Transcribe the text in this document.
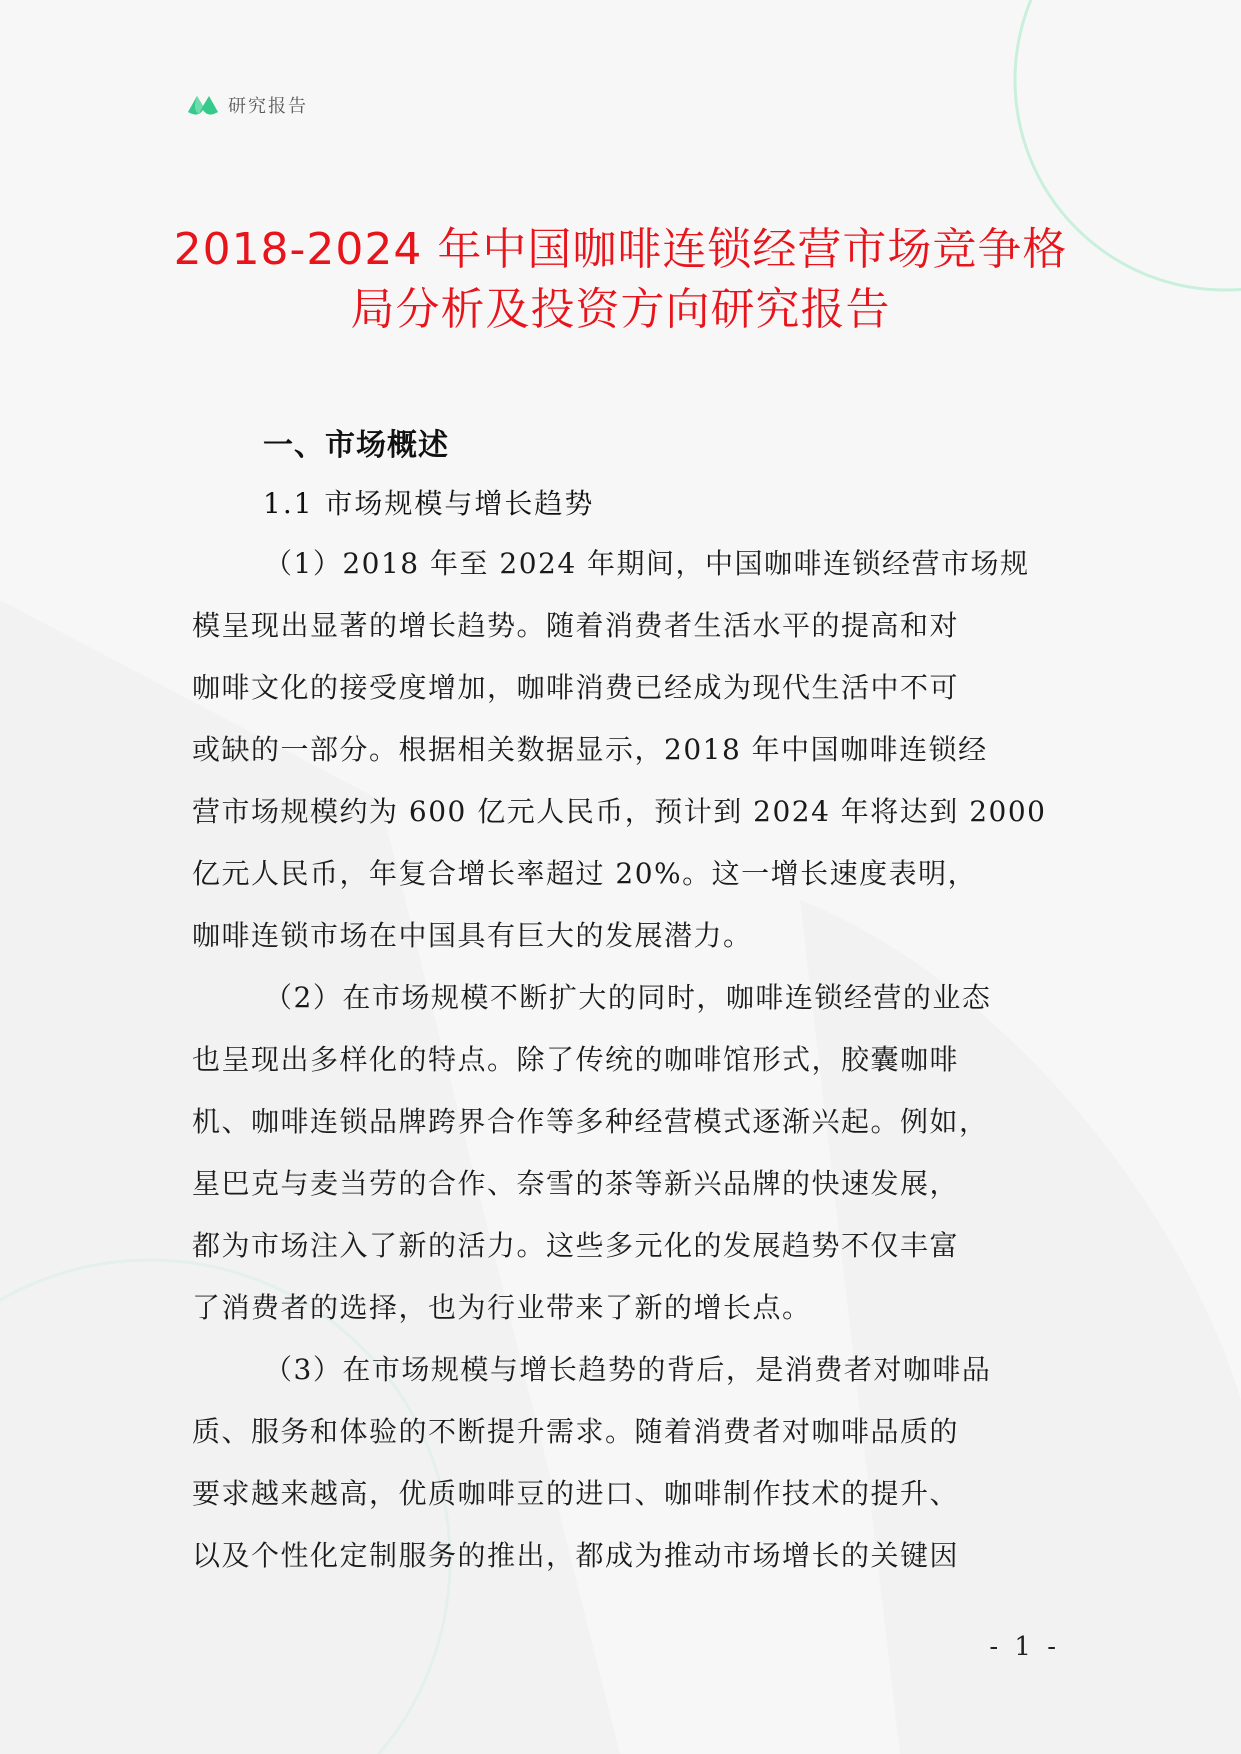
研究报告
2018-2024 年中国咖啡连锁经营市场竞争格
局分析及投资方向研究报告
一、市场概述
1.1 市场规模与增长趋势
（1）2018 年至 2024 年期间，中国咖啡连锁经营市场规
模呈现出显著的增长趋势。随着消费者生活水平的提高和对
咖啡文化的接受度增加，咖啡消费已经成为现代生活中不可
或缺的一部分。根据相关数据显示，2018 年中国咖啡连锁经
营市场规模约为 600 亿元人民币，预计到 2024 年将达到 2000
亿元人民币，年复合增长率超过 20%。这一增长速度表明，
咖啡连锁市场在中国具有巨大的发展潜力。
（2）在市场规模不断扩大的同时，咖啡连锁经营的业态
也呈现出多样化的特点。除了传统的咖啡馆形式，胶囊咖啡
机、咖啡连锁品牌跨界合作等多种经营模式逐渐兴起。例如，
星巴克与麦当劳的合作、奈雪的茶等新兴品牌的快速发展，
都为市场注入了新的活力。这些多元化的发展趋势不仅丰富
了消费者的选择，也为行业带来了新的增长点。
（3）在市场规模与增长趋势的背后，是消费者对咖啡品
质、服务和体验的不断提升需求。随着消费者对咖啡品质的
要求越来越高，优质咖啡豆的进口、咖啡制作技术的提升、
以及个性化定制服务的推出，都成为推动市场增长的关键因
- 1 -
